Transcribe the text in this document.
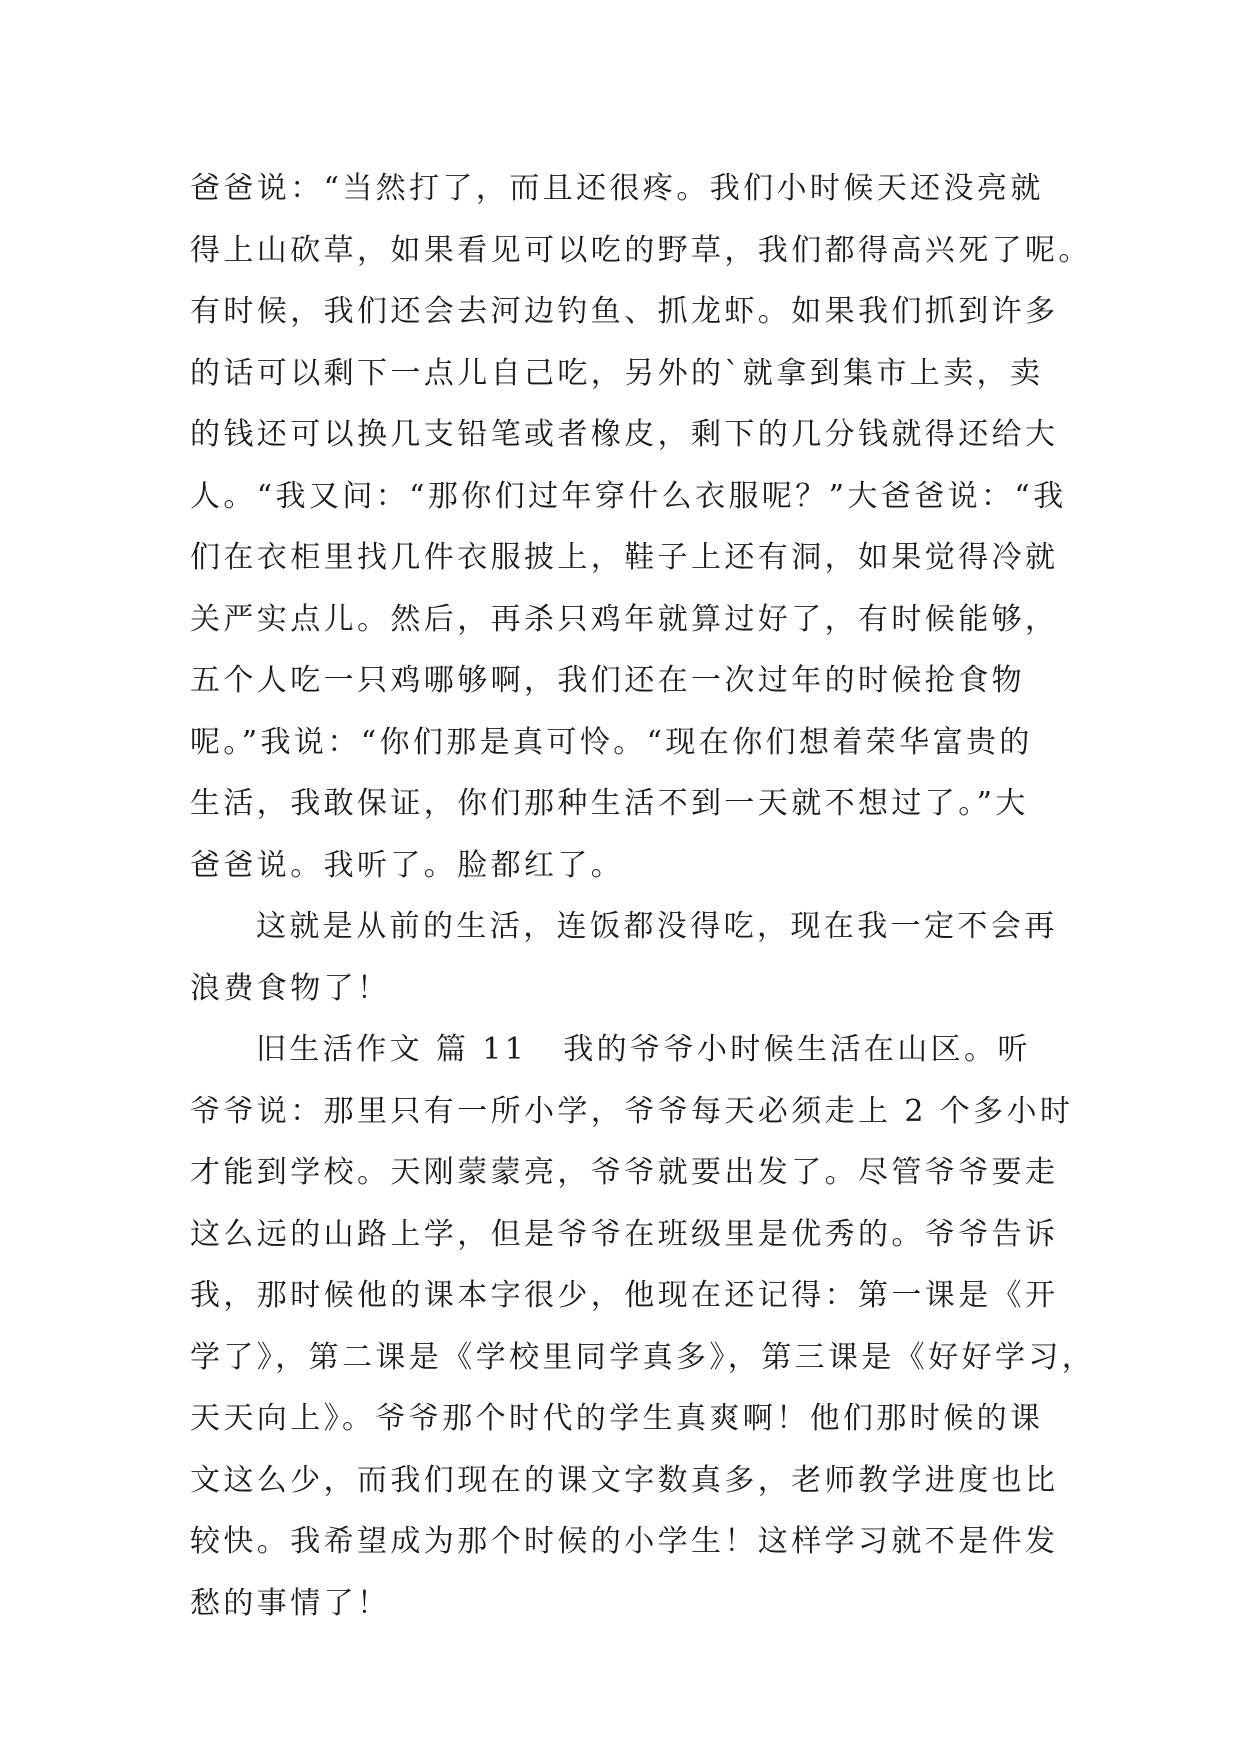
爸爸说：“当然打了，而且还很疼。我们小时候天还没亮就
得上山砍草，如果看见可以吃的野草，我们都得高兴死了呢。
有时候，我们还会去河边钓鱼、抓龙虾。如果我们抓到许多
的话可以剩下一点儿自己吃，另外的`就拿到集市上卖，卖
的钱还可以换几支铅笔或者橡皮，剩下的几分钱就得还给大
人。“我又问：“那你们过年穿什么衣服呢？”大爸爸说：“我
们在衣柜里找几件衣服披上，鞋子上还有洞，如果觉得冷就
关严实点儿。然后，再杀只鸡年就算过好了，有时候能够，
五个人吃一只鸡哪够啊，我们还在一次过年的时候抢食物
呢。”我说：“你们那是真可怜。“现在你们想着荣华富贵的
生活，我敢保证，你们那种生活不到一天就不想过了。”大
爸爸说。我听了。脸都红了。
这就是从前的生活，连饭都没得吃，现在我一定不会再
浪费食物了！
旧生活作文 篇 11 我的爷爷小时候生活在山区。听
爷爷说：那里只有一所小学，爷爷每天必须走上 2 个多小时
才能到学校。天刚蒙蒙亮，爷爷就要出发了。尽管爷爷要走
这么远的山路上学，但是爷爷在班级里是优秀的。爷爷告诉
我，那时候他的课本字很少，他现在还记得：第一课是《开
学了》，第二课是《学校里同学真多》，第三课是《好好学习，
天天向上》。爷爷那个时代的学生真爽啊！他们那时候的课
文这么少，而我们现在的课文字数真多，老师教学进度也比
较快。我希望成为那个时候的小学生！这样学习就不是件发
愁的事情了！
